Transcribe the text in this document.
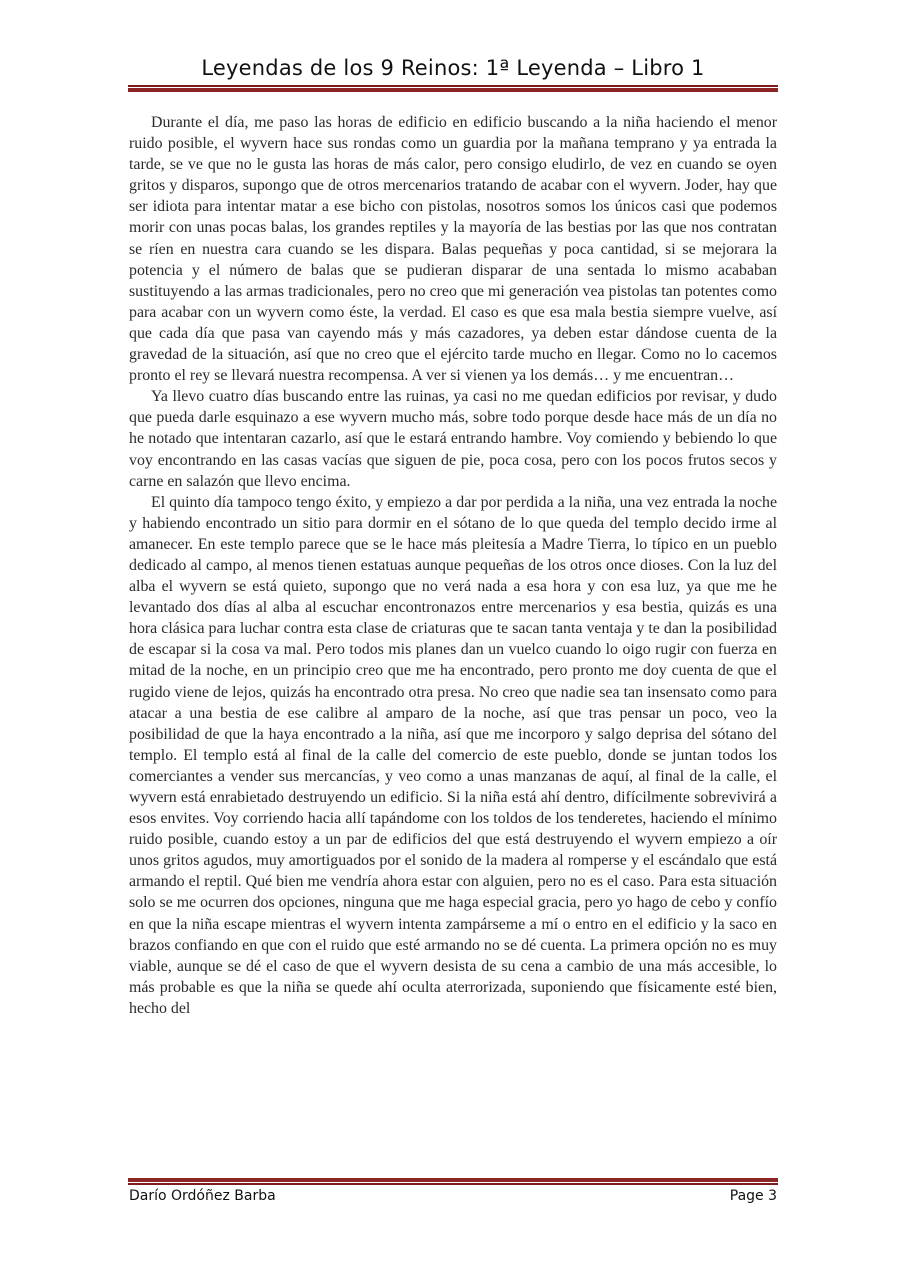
Leyendas de los 9 Reinos: 1ª Leyenda – Libro 1

Durante el día, me paso las horas de edificio en edificio buscando a la niña haciendo el menor ruido posible, el wyvern hace sus rondas como un guardia por la mañana temprano y ya entrada la tarde, se ve que no le gusta las horas de más calor, pero consigo eludirlo, de vez en cuando se oyen gritos y disparos, supongo que de otros mercenarios tratando de acabar con el wyvern. Joder, hay que ser idiota para intentar matar a ese bicho con pistolas, nosotros somos los únicos casi que podemos morir con unas pocas balas, los grandes reptiles y la mayoría de las bestias por las que nos contratan se ríen en nuestra cara cuando se les dispara. Balas pequeñas y poca cantidad, si se mejorara la potencia y el número de balas que se pudieran disparar de una sentada lo mismo acababan sustituyendo a las armas tradicionales, pero no creo que mi generación vea pistolas tan potentes como para acabar con un wyvern como éste, la verdad. El caso es que esa mala bestia siempre vuelve, así que cada día que pasa van cayendo más y más cazadores, ya deben estar dándose cuenta de la gravedad de la situación, así que no creo que el ejército tarde mucho en llegar. Como no lo cacemos pronto el rey se llevará nuestra recompensa. A ver si vienen ya los demás… y me encuentran…

Ya llevo cuatro días buscando entre las ruinas, ya casi no me quedan edificios por revisar, y dudo que pueda darle esquinazo a ese wyvern mucho más, sobre todo porque desde hace más de un día no he notado que intentaran cazarlo, así que le estará entrando hambre. Voy comiendo y bebiendo lo que voy encontrando en las casas vacías que siguen de pie, poca cosa, pero con los pocos frutos secos y carne en salazón que llevo encima.

El quinto día tampoco tengo éxito, y empiezo a dar por perdida a la niña, una vez entrada la noche y habiendo encontrado un sitio para dormir en el sótano de lo que queda del templo decido irme al amanecer. En este templo parece que se le hace más pleitesía a Madre Tierra, lo típico en un pueblo dedicado al campo, al menos tienen estatuas aunque pequeñas de los otros once dioses. Con la luz del alba el wyvern se está quieto, supongo que no verá nada a esa hora y con esa luz, ya que me he levantado dos días al alba al escuchar encontronazos entre mercenarios y esa bestia, quizás es una hora clásica para luchar contra esta clase de criaturas que te sacan tanta ventaja y te dan la posibilidad de escapar si la cosa va mal. Pero todos mis planes dan un vuelco cuando lo oigo rugir con fuerza en mitad de la noche, en un principio creo que me ha encontrado, pero pronto me doy cuenta de que el rugido viene de lejos, quizás ha encontrado otra presa. No creo que nadie sea tan insensato como para atacar a una bestia de ese calibre al amparo de la noche, así que tras pensar un poco, veo la posibilidad de que la haya encontrado a la niña, así que me incorporo y salgo deprisa del sótano del templo. El templo está al final de la calle del comercio de este pueblo, donde se juntan todos los comerciantes a vender sus mercancías, y veo como a unas manzanas de aquí, al final de la calle, el wyvern está enrabietado destruyendo un edificio. Si la niña está ahí dentro, difícilmente sobrevivirá a esos envites. Voy corriendo hacia allí tapándome con los toldos de los tenderetes, haciendo el mínimo ruido posible, cuando estoy a un par de edificios del que está destruyendo el wyvern empiezo a oír unos gritos agudos, muy amortiguados por el sonido de la madera al romperse y el escándalo que está armando el reptil. Qué bien me vendría ahora estar con alguien, pero no es el caso. Para esta situación solo se me ocurren dos opciones, ninguna que me haga especial gracia, pero yo hago de cebo y confío en que la niña escape mientras el wyvern intenta zampárseme a mí o entro en el edificio y la saco en brazos confiando en que con el ruido que esté armando no se dé cuenta. La primera opción no es muy viable, aunque se dé el caso de que el wyvern desista de su cena a cambio de una más accesible, lo más probable es que la niña se quede ahí oculta aterrorizada, suponiendo que físicamente esté bien, hecho del

Darío Ordóñez Barba	Page 3
